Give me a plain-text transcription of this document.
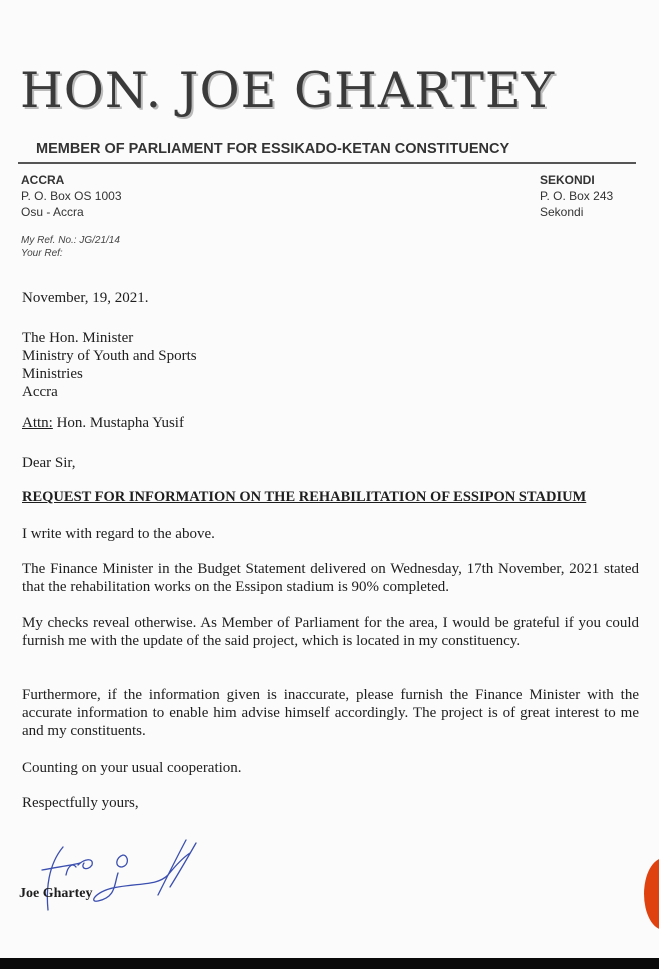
HON. JOE GHARTEY
MEMBER OF PARLIAMENT FOR ESSIKADO-KETAN CONSTITUENCY
ACCRA
P. O. Box OS 1003
Osu - Accra
SEKONDI
P. O. Box 243
Sekondi
My Ref. No.: JG/21/14
Your Ref:
November, 19, 2021.
The Hon. Minister
Ministry of Youth and Sports
Ministries
Accra
Attn: Hon. Mustapha Yusif
Dear Sir,
REQUEST FOR INFORMATION ON THE REHABILITATION OF ESSIPON STADIUM
I write with regard to the above.
The Finance Minister in the Budget Statement delivered on Wednesday, 17th November, 2021 stated that the rehabilitation works on the Essipon stadium is 90% completed.
My checks reveal otherwise. As Member of Parliament for the area, I would be grateful if you could furnish me with the update of the said project, which is located in my constituency.
Furthermore, if the information given is inaccurate, please furnish the Finance Minister with the accurate information to enable him advise himself accordingly. The project is of great interest to me and my constituents.
Counting on your usual cooperation.
Respectfully yours,
Joe Ghartey
